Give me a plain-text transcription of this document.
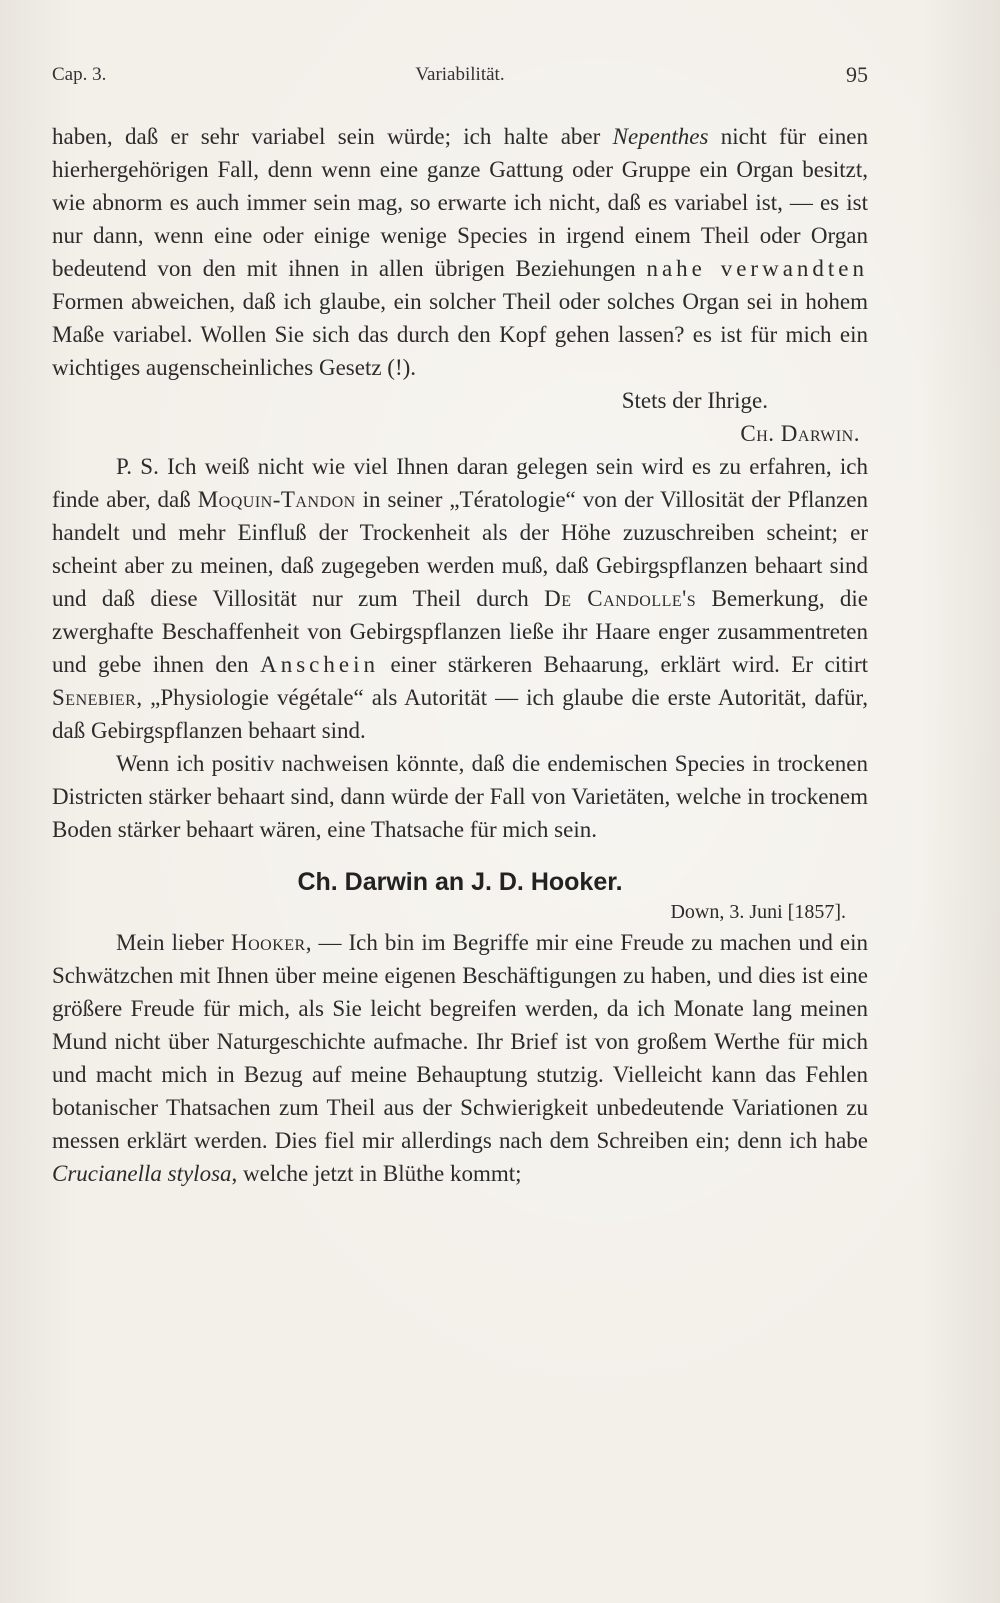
Cap. 3.	Variabilität.	95

haben, daß er sehr variabel sein würde; ich halte aber Nepenthes nicht für einen hierhergehörigen Fall, denn wenn eine ganze Gattung oder Gruppe ein Organ besitzt, wie abnorm es auch immer sein mag, so erwarte ich nicht, daß es variabel ist, — es ist nur dann, wenn eine oder einige wenige Species in irgend einem Theil oder Organ bedeutend von den mit ihnen in allen übrigen Beziehungen nahe verwandten Formen abweichen, daß ich glaube, ein solcher Theil oder solches Organ sei in hohem Maße variabel. Wollen Sie sich das durch den Kopf gehen lassen? es ist für mich ein wichtiges augenscheinliches Gesetz (!).

Stets der Ihrige.

Ch. Darwin.

P. S. Ich weiß nicht wie viel Ihnen daran gelegen sein wird es zu erfahren, ich finde aber, daß Moquin-Tandon in seiner „Tératologie“ von der Villosität der Pflanzen handelt und mehr Einfluß der Trockenheit als der Höhe zuzuschreiben scheint; er scheint aber zu meinen, daß zugegeben werden muß, daß Gebirgspflanzen behaart sind und daß diese Villosität nur zum Theil durch De Candolle's Bemerkung, die zwerghafte Beschaffenheit von Gebirgspflanzen ließe ihr Haare enger zusammentreten und gebe ihnen den Anschein einer stärkeren Behaarung, erklärt wird. Er citirt Senebier, „Physiologie végétale“ als Autorität — ich glaube die erste Autorität, dafür, daß Gebirgspflanzen behaart sind.

Wenn ich positiv nachweisen könnte, daß die endemischen Species in trockenen Districten stärker behaart sind, dann würde der Fall von Varietäten, welche in trockenem Boden stärker behaart wären, eine Thatsache für mich sein.

Ch. Darwin an J. D. Hooker.

Down, 3. Juni [1857].

Mein lieber Hooker, — Ich bin im Begriffe mir eine Freude zu machen und ein Schwätzchen mit Ihnen über meine eigenen Beschäftigungen zu haben, und dies ist eine größere Freude für mich, als Sie leicht begreifen werden, da ich Monate lang meinen Mund nicht über Naturgeschichte aufmache. Ihr Brief ist von großem Werthe für mich und macht mich in Bezug auf meine Behauptung stutzig. Vielleicht kann das Fehlen botanischer Thatsachen zum Theil aus der Schwierigkeit unbedeutende Variationen zu messen erklärt werden. Dies fiel mir allerdings nach dem Schreiben ein; denn ich habe Crucianella stylosa, welche jetzt in Blüthe kommt;
